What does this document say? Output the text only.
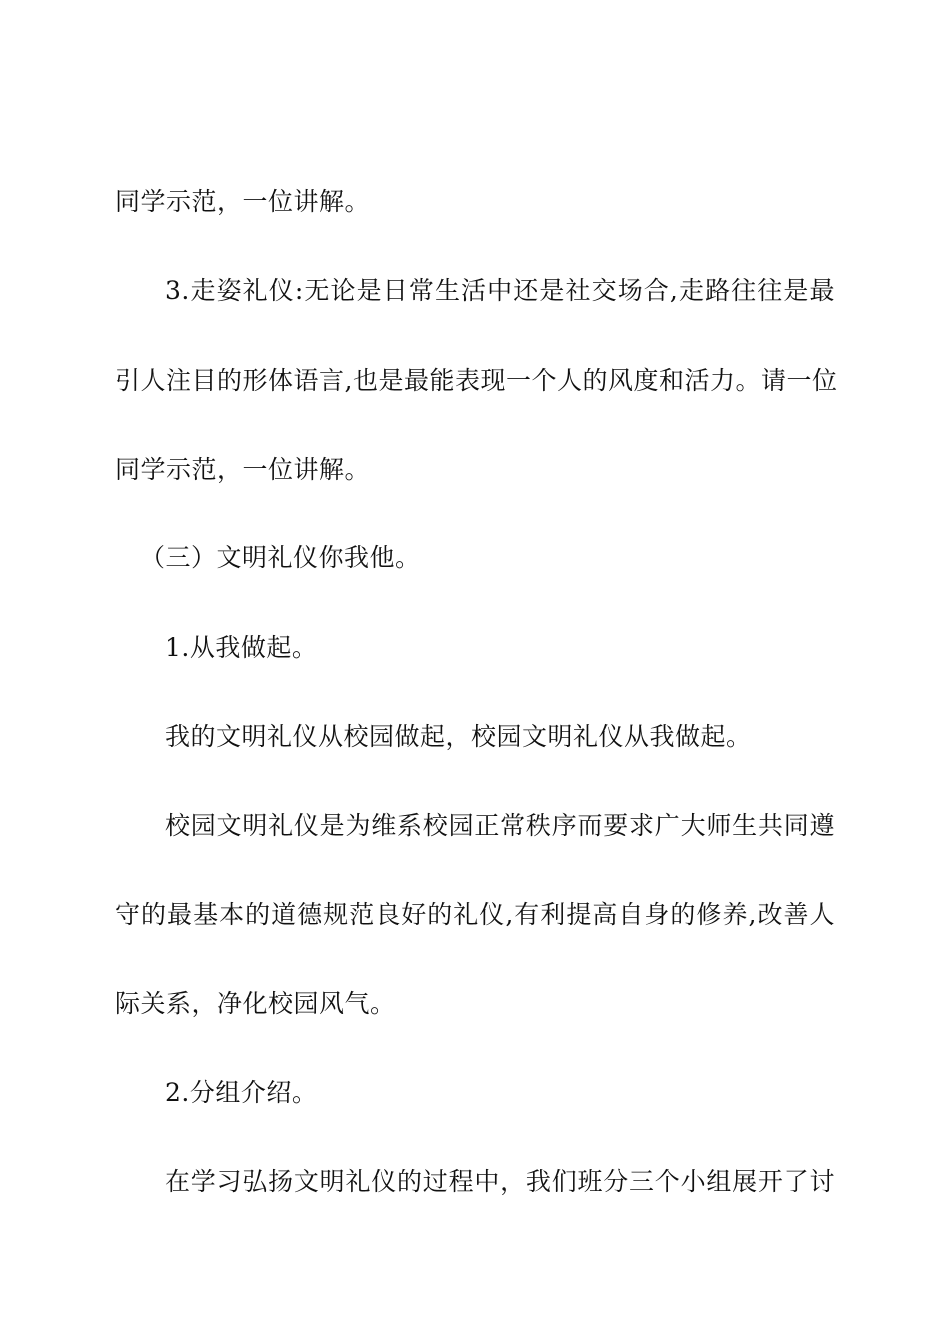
同学示范，一位讲解。
3.走姿礼仪:无论是日常生活中还是社交场合,走路往往是最
引人注目的形体语言,也是最能表现一个人的风度和活力。请一位
同学示范，一位讲解。
（三）文明礼仪你我他。
1.从我做起。
我的文明礼仪从校园做起，校园文明礼仪从我做起。
校园文明礼仪是为维系校园正常秩序而要求广大师生共同遵
守的最基本的道德规范良好的礼仪,有利提高自身的修养,改善人
际关系，净化校园风气。
2.分组介绍。
在学习弘扬文明礼仪的过程中，我们班分三个小组展开了讨
